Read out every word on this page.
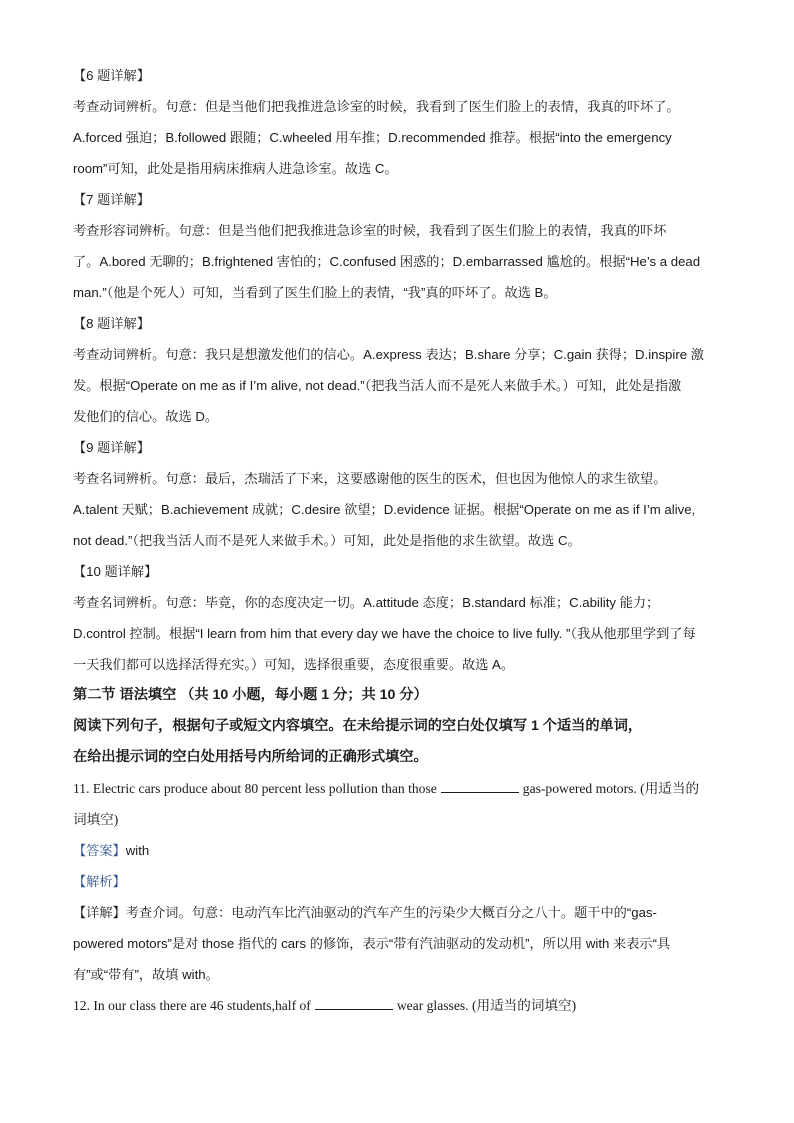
【6 题详解】
考查动词辨析。句意：但是当他们把我推进急诊室的时候，我看到了医生们脸上的表情，我真的吓坏了。
A.forced 强迫；B.followed 跟随；C.wheeled 用车推；D.recommended 推荐。根据“into the emergency
room”可知，此处是指用病床推病人进急诊室。故选 C。
【7 题详解】
考查形容词辨析。句意：但是当他们把我推进急诊室的时候，我看到了医生们脸上的表情，我真的吓坏
了。A.bored 无聊的；B.frightened 害怕的；C.confused 困惑的；D.embarrassed 尴尬的。根据“He’s a dead
man.”（他是个死人）可知，当看到了医生们脸上的表情，“我”真的吓坏了。故选 B。
【8 题详解】
考查动词辨析。句意：我只是想激发他们的信心。A.express 表达；B.share 分享；C.gain 获得；D.inspire 激
发。根据“Operate on me as if I’m alive, not dead.”（把我当活人而不是死人来做手术。）可知，此处是指激
发他们的信心。故选 D。
【9 题详解】
考查名词辨析。句意：最后，杰瑞活了下来，这要感谢他的医生的医术，但也因为他惊人的求生欲望。
A.talent 天赋；B.achievement 成就；C.desire 欲望；D.evidence 证据。根据“Operate on me as if I’m alive,
not dead.”（把我当活人而不是死人来做手术。）可知，此处是指他的求生欲望。故选 C。
【10 题详解】
考查名词辨析。句意：毕竟，你的态度决定一切。A.attitude 态度；B.standard 标准；C.ability 能力；
D.control 控制。根据“I learn from him that every day we have the choice to live fully. ”（我从他那里学到了每
一天我们都可以选择活得充实。）可知，选择很重要，态度很重要。故选 A。
第二节 语法填空 （共 10 小题，每小题 1 分；共 10 分）
阅读下列句子，根据句子或短文内容填空。在未给提示词的空白处仅填写 1 个适当的单词，
在给出提示词的空白处用括号内所给词的正确形式填空。
11. Electric cars produce about 80 percent less pollution than those	gas-powered motors. (用适当的
词填空)
【答案】with
【解析】
【详解】考查介词。句意：电动汽车比汽油驱动的汽车产生的污染少大概百分之八十。题干中的“gas-
powered motors”是对 those 指代的 cars 的修饰，表示“带有汽油驱动的发动机”，所以用 with 来表示“具
有”或“带有”，故填 with。
12. In our class there are 46 students,half of	wear glasses. (用适当的词填空)
